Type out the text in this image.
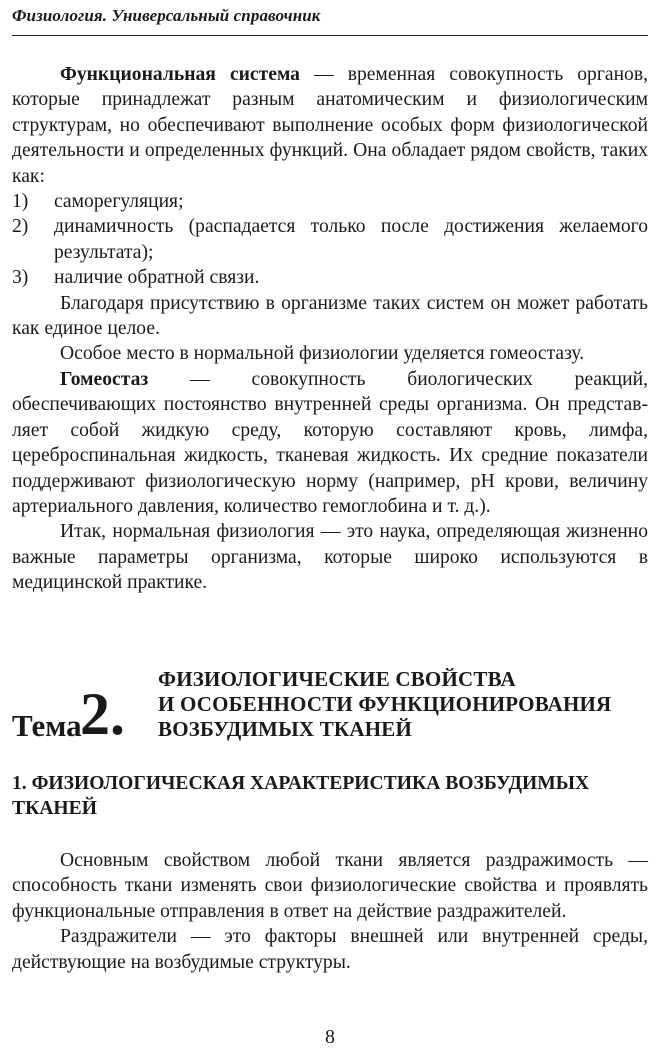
Физиология. Универсальный справочник

Функциональная система — временная совокупность органов, которые принадлежат разным анатомическим и физиологическим структурам, но обеспечивают выполнение особых форм физиологической деятельности и определенных функций. Она обладает рядом свойств, таких как:

1) саморегуляция;

2) динамичность (распадается только после достижения желаемого результата);

3) наличие обратной связи.

Благодаря присутствию в организме таких систем он может работать как единое целое.

Особое место в нормальной физиологии уделяется гомеостазу.

Гомеостаз — совокупность биологических реакций, обеспечивающих постоянство внутренней среды организма. Он представ-ляет собой жидкую среду, которую составляют кровь, лимфа, цереброспинальная жидкость, тканевая жидкость. Их средние показатели поддерживают физиологическую норму (например, pH крови, величину артериального давления, количество гемоглобина и т. д.).

Итак, нормальная физиология — это наука, определяющая жизненно важные параметры организма, которые широко используются в медицинской практике.

Тема
2.
ФИЗИОЛОГИЧЕСКИЕ СВОЙСТВА
И ОСОБЕННОСТИ ФУНКЦИОНИРОВАНИЯ
ВОЗБУДИМЫХ ТКАНЕЙ
1. ФИЗИОЛОГИЧЕСКАЯ ХАРАКТЕРИСТИКА ВОЗБУДИМЫХ ТКАНЕЙ

Основным свойством любой ткани является раздражимость — способность ткани изменять свои физиологические свойства и проявлять функциональные отправления в ответ на действие раздражителей.

Раздражители — это факторы внешней или внутренней среды, действующие на возбудимые структуры.

8
